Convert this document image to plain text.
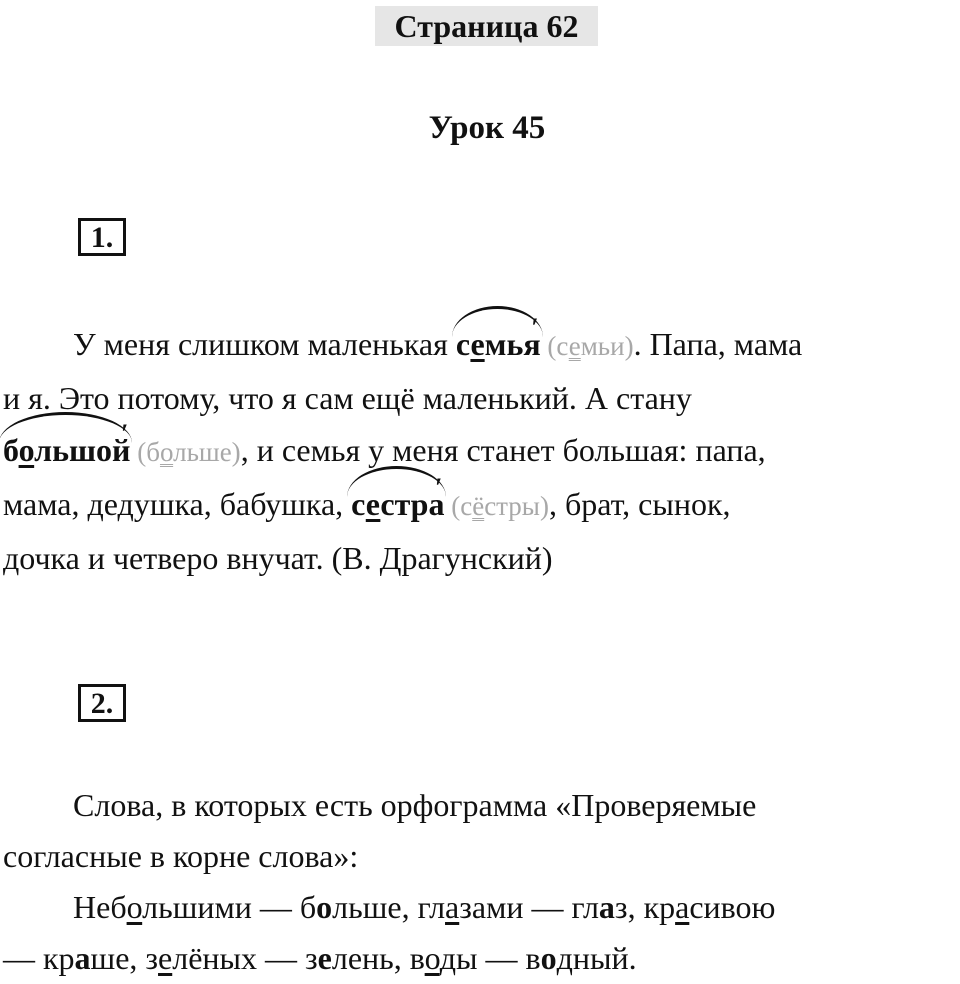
Страница 62
Урок 45
1.
У меня слишком маленькая семья ′ (семьи). Папа, мама
и я. Это потому, что я сам ещё маленький. А стану
большой ′ (больше), и семья у меня станет большая: папа,
мама, дедушка, бабушка, сестра ′ (сёстры), брат, сынок,
дочка и четверо внучат. (В. Драгунский)
2.
Слова, в которых есть орфограмма «Проверяемые
согласные в корне слова»:
Небольшими — больше, глазами — глаз, красивою
— краше, зелёных — зелень, воды — водный.
